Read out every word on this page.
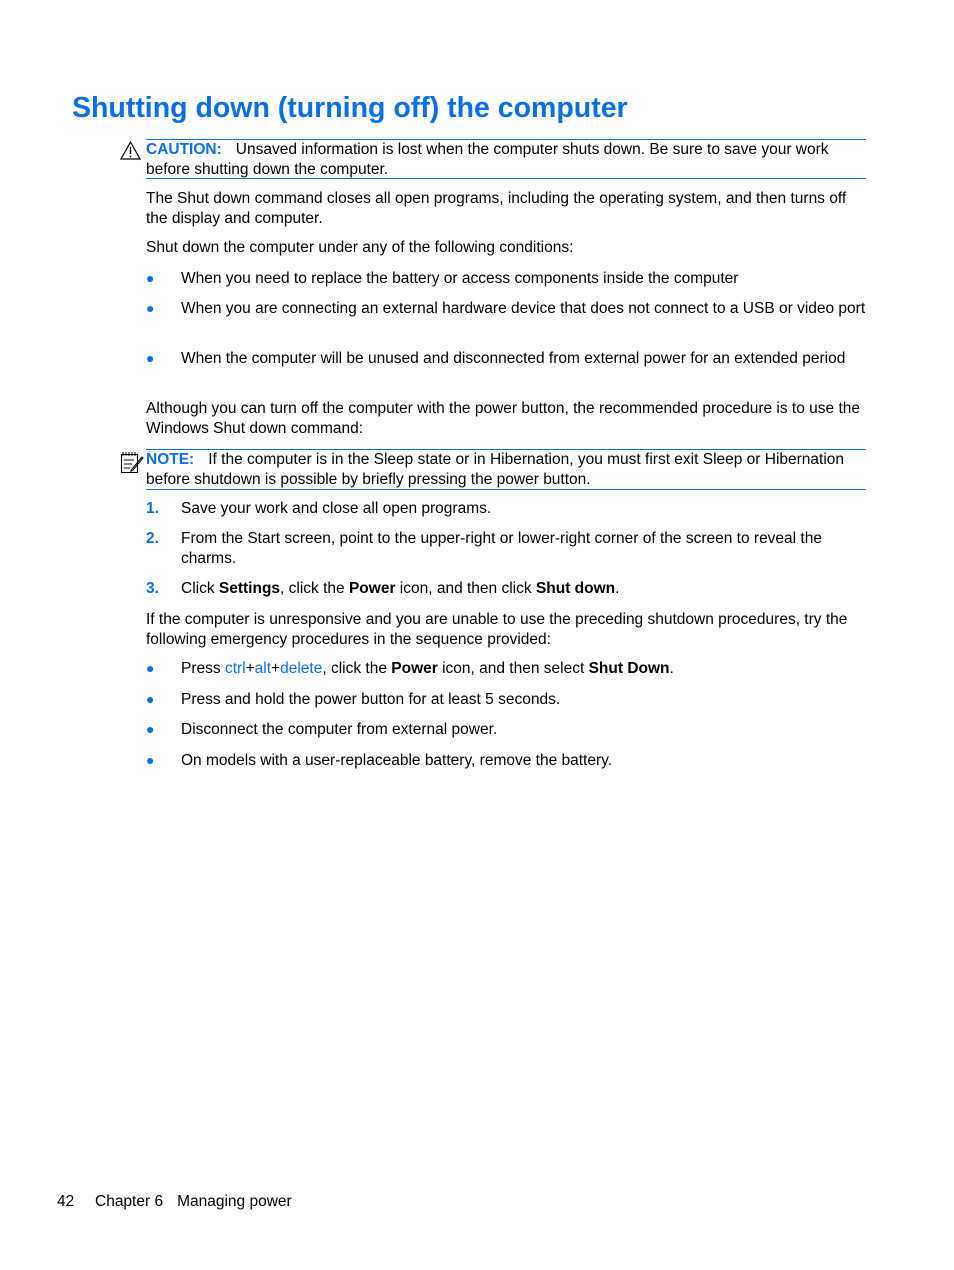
Shutting down (turning off) the computer
CAUTION: Unsaved information is lost when the computer shuts down. Be sure to save your work before shutting down the computer.

The Shut down command closes all open programs, including the operating system, and then turns off the display and computer.

Shut down the computer under any of the following conditions:

● When you need to replace the battery or access components inside the computer
● When you are connecting an external hardware device that does not connect to a USB or video port
● When the computer will be unused and disconnected from external power for an extended period

Although you can turn off the computer with the power button, the recommended procedure is to use the Windows Shut down command:

NOTE: If the computer is in the Sleep state or in Hibernation, you must first exit Sleep or Hibernation before shutdown is possible by briefly pressing the power button.
1. Save your work and close all open programs.
2. From the Start screen, point to the upper-right or lower-right corner of the screen to reveal the charms.
3. Click Settings, click the Power icon, and then click Shut down.

If the computer is unresponsive and you are unable to use the preceding shutdown procedures, try the following emergency procedures in the sequence provided:

● Press ctrl+alt+delete, click the Power icon, and then select Shut Down.
● Press and hold the power button for at least 5 seconds.
● Disconnect the computer from external power.
● On models with a user-replaceable battery, remove the battery.
42 Chapter 6 Managing power
